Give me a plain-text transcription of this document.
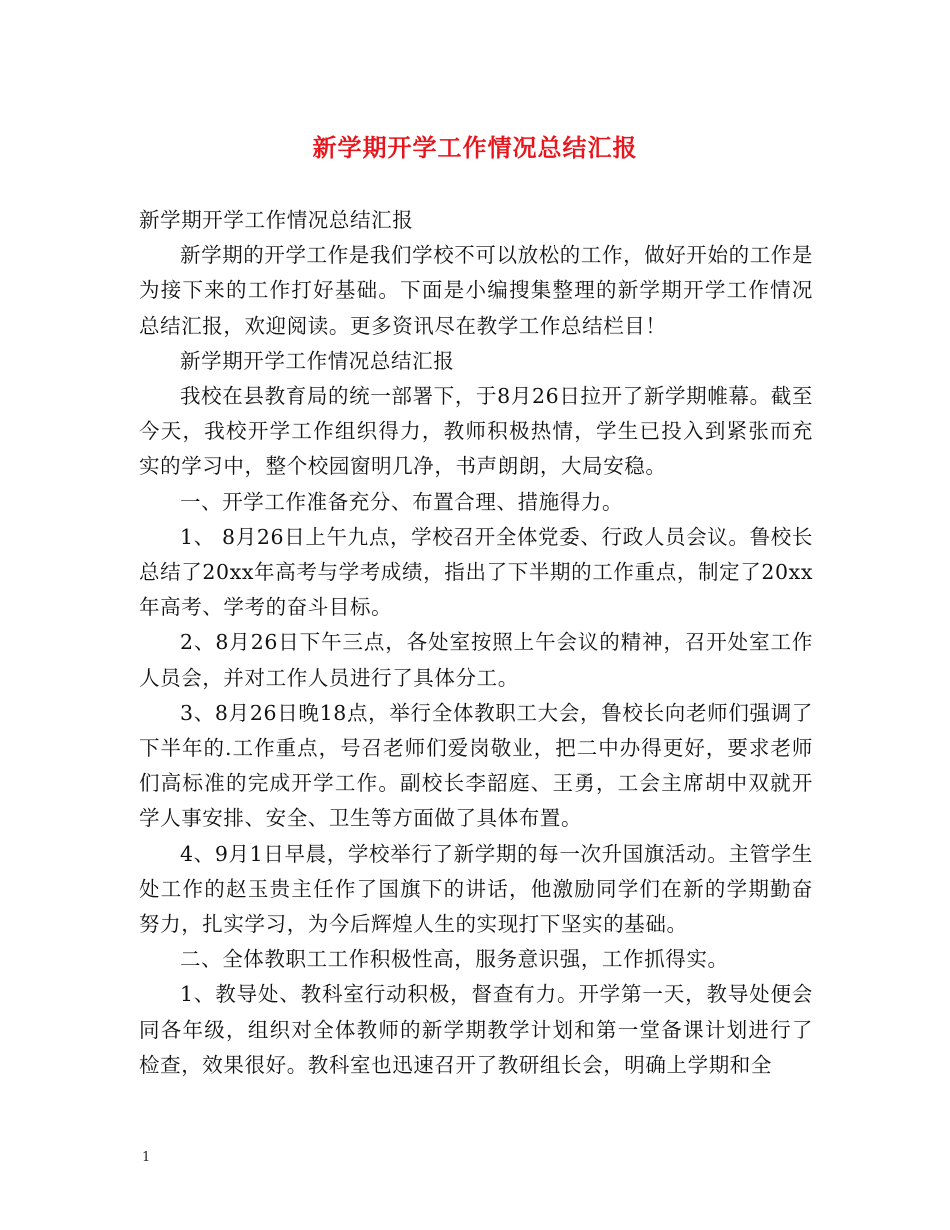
新学期开学工作情况总结汇报

新学期开学工作情况总结汇报

新学期的开学工作是我们学校不可以放松的工作，做好开始的工作是为接下来的工作打好基础。下面是小编搜集整理的新学期开学工作情况总结汇报，欢迎阅读。更多资讯尽在教学工作总结栏目！

新学期开学工作情况总结汇报

我校在县教育局的统一部署下，于8月26日拉开了新学期帷幕。截至今天，我校开学工作组织得力，教师积极热情，学生已投入到紧张而充实的学习中，整个校园窗明几净，书声朗朗，大局安稳。

一、开学工作准备充分、布置合理、措施得力。

1、 8月26日上午九点，学校召开全体党委、行政人员会议。鲁校长总结了20xx年高考与学考成绩，指出了下半期的工作重点，制定了20xx年高考、学考的奋斗目标。

2、8月26日下午三点，各处室按照上午会议的精神，召开处室工作人员会，并对工作人员进行了具体分工。

3、8月26日晚18点，举行全体教职工大会，鲁校长向老师们强调了下半年的.工作重点，号召老师们爱岗敬业，把二中办得更好，要求老师们高标准的完成开学工作。副校长李韶庭、王勇，工会主席胡中双就开学人事安排、安全、卫生等方面做了具体布置。

4、9月1日早晨，学校举行了新学期的每一次升国旗活动。主管学生处工作的赵玉贵主任作了国旗下的讲话，他激励同学们在新的学期勤奋努力，扎实学习，为今后辉煌人生的实现打下坚实的基础。

二、全体教职工工作积极性高，服务意识强，工作抓得实。

1、教导处、教科室行动积极，督查有力。开学第一天，教导处便会同各年级，组织对全体教师的新学期教学计划和第一堂备课计划进行了检查，效果很好。教科室也迅速召开了教研组长会，明确上学期和全

1
